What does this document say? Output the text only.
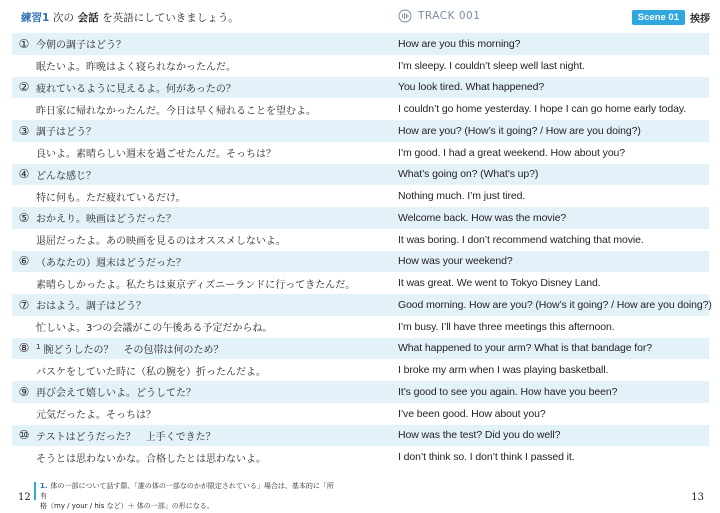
練習1 次の 会話 を英語にしていきましょう。	TRACK 001	Scene 01	挨拶
① 今朝の調子はどう？	How are you this morning?
眠たいよ。昨晩はよく寝られなかったんだ。	I’m sleepy. I couldn’t sleep well last night.
② 疲れているように見えるよ。何があったの？	You look tired. What happened?
昨日家に帰れなかったんだ。今日は早く帰れることを望むよ。	I couldn’t go home yesterday. I hope I can go home early today.
③ 調子はどう？	How are you? (How’s it going? / How are you doing?)
良いよ。素晴らしい週末を過ごせたんだ。そっちは？	I’m good. I had a great weekend. How about you?
④ どんな感じ？	What’s going on? (What’s up?)
特に何も。ただ疲れているだけ。	Nothing much. I’m just tired.
⑤ おかえり。映画はどうだった？	Welcome back. How was the movie?
退屈だったよ。あの映画を見るのはオススメしないよ。	It was boring. I don’t recommend watching that movie.
⑥ （あなたの）週末はどうだった？	How was your weekend?
素晴らしかったよ。私たちは東京ディズニーランドに行ってきたんだ。	It was great. We went to Tokyo Disney Land.
⑦ おはよう。調子はどう？	Good morning. How are you? (How’s it going? / How are you doing?)
忙しいよ。3つの会議がこの午後ある予定だからね。	I’m busy. I’ll have three meetings this afternoon.
⑧ $^1$ 腕どうしたの？　その包帯は何のため？	What happened to your arm? What is that bandage for?
バスケをしていた時に（私の腕を）折ったんだよ。	I broke my arm when I was playing basketball.
⑨ 再び会えて嬉しいよ。どうしてた？	It’s good to see you again. How have you been?
元気だったよ。そっちは？	I’ve been good. How about you?
⑩ テストはどうだった？　上手くできた？	How was the test? Did you do well?
そうとは思わないかな。合格したとは思わないよ。	I don’t think so. I don’t think I passed it.
12
1. 体の一部について話す際、「誰の体の一部なのかが限定されている」場合は、基本的に「所有
格（my / your / his など）＋ 体の一部」の形になる。
13
